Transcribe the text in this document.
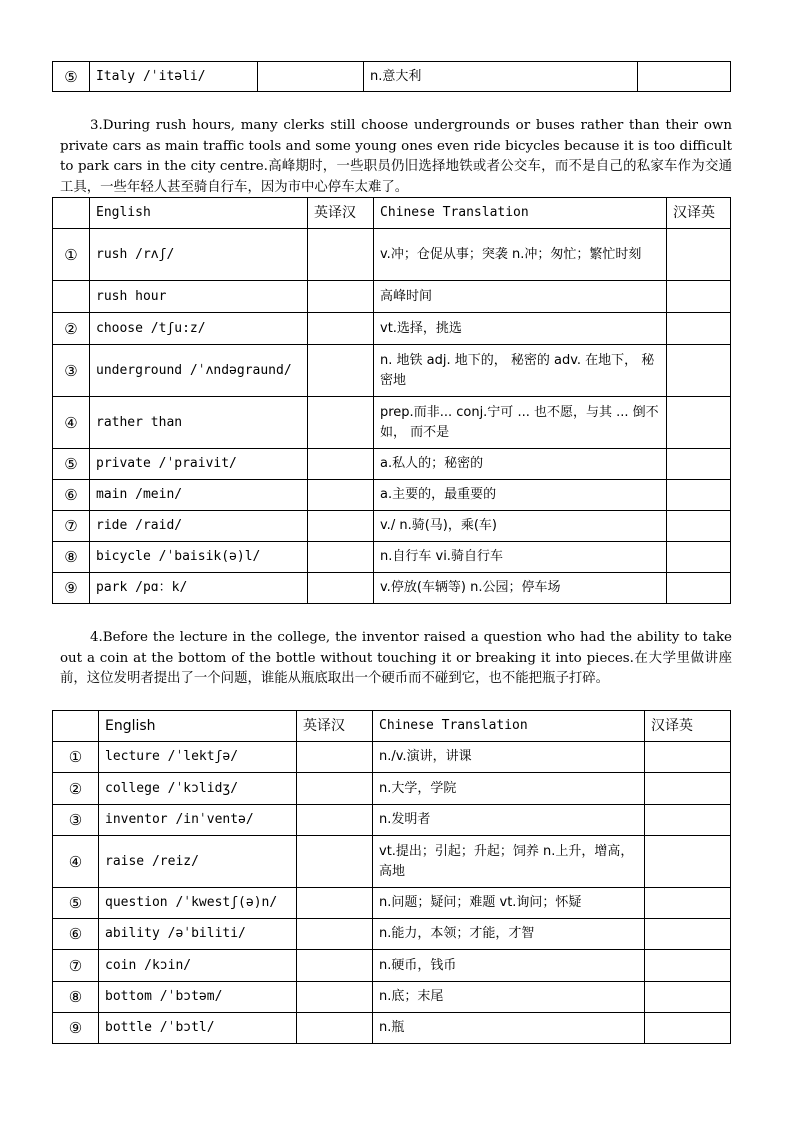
⑤	Italy /ˈitəli/		n.意大利	

3.During rush hours, many clerks still choose undergrounds or buses rather than their own private cars as main traffic tools and some young ones even ride bicycles because it is too difficult to park cars in the city centre.高峰期时，一些职员仍旧选择地铁或者公交车，而不是自己的私家车作为交通工具，一些年轻人甚至骑自行车，因为市中心停车太难了。

	English	英译汉	Chinese Translation	汉译英
①	rush /rʌʃ/		v.冲；仓促从事；突袭 n.冲；匆忙；繁忙时刻	
	rush hour		高峰时间	
②	choose /tʃu:z/		vt.选择，挑选	
③	underground /ˈʌndəgraund/		n. 地铁 adj. 地下的， 秘密的 adv. 在地下， 秘密地	
④	rather than		prep.而非... conj.宁可 ... 也不愿，与其 ... 倒不如， 而不是	
⑤	private /ˈpraivit/		a.私人的；秘密的	
⑥	main /mein/		a.主要的，最重要的	
⑦	ride /raid/		v./ n.骑(马)，乘(车)	
⑧	bicycle /ˈbaisik(ə)l/		n.自行车 vi.骑自行车	
⑨	park /pɑ：k/		v.停放(车辆等) n.公园；停车场	

4.Before the lecture in the college, the inventor raised a question who had the ability to take out a coin at the bottom of the bottle without touching it or breaking it into pieces.在大学里做讲座前，这位发明者提出了一个问题，谁能从瓶底取出一个硬币而不碰到它，也不能把瓶子打碎。

	English	英译汉	Chinese Translation	汉译英
①	lecture /ˈlektʃə/		n./v.演讲，讲课	
②	college /ˈkɔlidʒ/		n.大学，学院	
③	inventor /inˈventə/		n.发明者	
④	raise /reiz/		vt.提出；引起；升起；饲养 n.上升，增高， 高地	
⑤	question /ˈkwestʃ(ə)n/		n.问题；疑问；难题 vt.询问；怀疑	
⑥	ability /əˈbiliti/		n.能力，本领；才能，才智	
⑦	coin /kɔin/		n.硬币，钱币	
⑧	bottom /ˈbɔtəm/		n.底；末尾	
⑨	bottle /ˈbɔtl/		n.瓶	
